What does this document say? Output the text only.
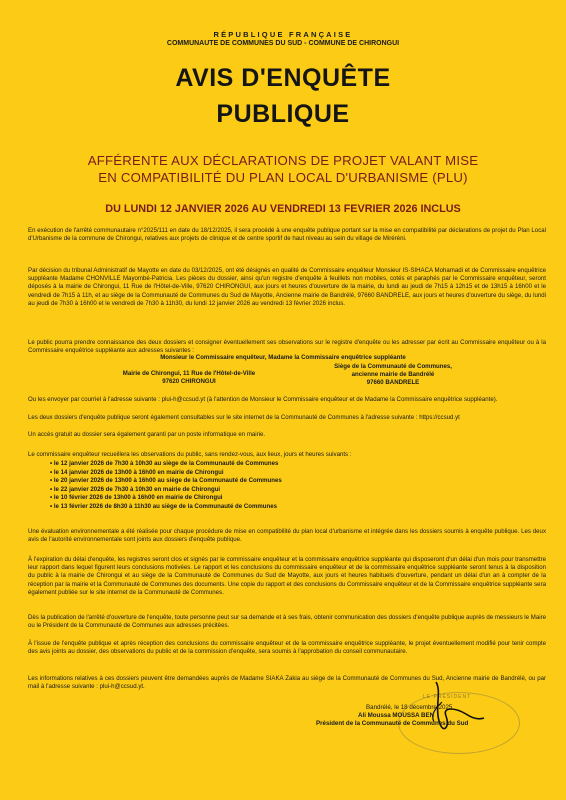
RÉPUBLIQUE FRANÇAISE
COMMUNAUTE DE COMMUNES DU SUD - COMMUNE DE CHIRONGUI
AVIS D'ENQUÊTE
PUBLIQUE
AFFÉRENTE AUX DÉCLARATIONS DE PROJET VALANT MISE
EN COMPATIBILITÉ DU PLAN LOCAL D'URBANISME (PLU)
DU LUNDI 12 JANVIER 2026 AU VENDREDI 13 FEVRIER 2026 INCLUS
En exécution de l'arrêté communautaire n°2025/111 en date du 18/12/2025, il sera procédé à une enquête publique portant sur la mise en compatibilité par déclarations de projet du Plan Local d'Urbanisme de la commune de Chirongui, relatives aux projets de clinique et de centre sportif de haut niveau au sein du village de Miréréni.
Par décision du tribunal Administratif de Mayotte en date du 03/12/2025, ont été désignés en qualité de Commissaire enquêteur Monsieur IS-SIHACA Mohamadi et de Commissaire enquêtrice suppléante Madame CHONVILLE Mayombé-Patricia. Les pièces du dossier, ainsi qu'un registre d'enquête à feuillets non mobiles, cotés et paraphés par le Commissaire enquêteur, seront déposés à la mairie de Chirongui, 11 Rue de l'Hôtel-de-Ville, 97620 CHIRONGUI, aux jours et heures d'ouverture de la mairie, du lundi au jeudi de 7h15 à 12h15 et de 13h15 à 16h00 et le vendredi de 7h15 à 11h, et au siège de la Communauté de Communes du Sud de Mayotte, Ancienne mairie de Bandrélé, 97660 BANDRELE, aux jours et heures d'ouverture du siège, du lundi au jeudi de 7h30 à 16h00 et le vendredi de 7h30 à 11h30, du lundi 12 janvier 2026 au vendredi 13 février 2026 inclus.
Le public pourra prendre connaissance des deux dossiers et consigner éventuellement ses observations sur le registre d'enquête ou les adresser par écrit au Commissaire enquêteur ou à la Commissaire enquêtrice suppléante aux adresses suivantes :
Monsieur le Commissaire enquêteur, Madame la Commissaire enquêtrice suppléante
Mairie de Chirongui, 11 Rue de l'Hôtel-de-Ville
97620 CHIRONGUI
Siège de la Communauté de Communes,
ancienne mairie de Bandrélé
97660 BANDRELE
Ou les envoyer par courriel à l'adresse suivante : plui-h@ccsud.yt (à l'attention de Monsieur le Commissaire enquêteur et de Madame la Commissaire enquêtrice suppléante).
Les deux dossiers d'enquête publique seront également consultables sur le site internet de la Communauté de Communes à l'adresse suivante : https://ccsud.yt
Un accès gratuit au dossier sera également garanti par un poste informatique en mairie.
Le commissaire enquêteur recueillera les observations du public, sans rendez-vous, aux lieux, jours et heures suivants :
• le 12 janvier 2026 de 7h30 à 10h30 au siège de la Communauté de Communes
• le 14 janvier 2026 de 13h00 à 16h00 en mairie de Chirongui
• le 20 janvier 2026 de 13h00 à 16h00 au siège de la Communauté de Communes
• le 22 janvier 2026 de 7h30 à 10h30 en mairie de Chirongui
• le 10 février 2026 de 13h00 à 16h00 en mairie de Chirongui
• le 13 février 2026 de 8h30 à 11h30 au siège de la Communauté de Communes
Une évaluation environnementale a été réalisée pour chaque procédure de mise en compatibilité du plan local d'urbanisme et intégrée dans les dossiers soumis à enquête publique. Les deux avis de l'autorité environnementale sont joints aux dossiers d'enquête publique.
À l'expiration du délai d'enquête, les registres seront clos et signés par le commissaire enquêteur et la commissaire enquêtrice suppléante qui disposeront d'un délai d'un mois pour transmettre leur rapport dans lequel figurent leurs conclusions motivées. Le rapport et les conclusions du commissaire enquêteur et de la commissaire enquêtrice suppléante seront tenus à la disposition du public à la mairie de Chirongui et au siège de la Communauté de Communes du Sud de Mayotte, aux jours et heures habituels d'ouverture, pendant un délai d'un an à compter de la réception par la mairie et la Communauté de Communes des documents. Une copie du rapport et des conclusions du Commissaire enquêteur et de la Commissaire enquêtrice suppléante sera également publiée sur le site internet de la Communauté de Communes.
Dès la publication de l'arrêté d'ouverture de l'enquête, toute personne peut sur sa demande et à ses frais, obtenir communication des dossiers d'enquête publique auprès de messieurs le Maire ou le Président de la Communauté de Communes aux adresses précitées.
À l'issue de l'enquête publique et après réception des conclusions du commissaire enquêteur et de la commissaire enquêtrice suppléante, le projet éventuellement modifié pour tenir compte des avis joints au dossier, des observations du public et de la commission d'enquête, sera soumis à l'approbation du conseil communautaire.
Les informations relatives à ces dossiers peuvent être demandées auprès de Madame SIAKA Zakia au siège de la Communauté de Communes du Sud, Ancienne mairie de Bandrélé, ou par mail à l'adresse suivante : plui-h@ccsud.yt.
LE PRÉSIDENT
Bandrélé, le 18 décembre 2025
Ali Moussa MOUSSA BEN
Président de la Communauté de Communes du Sud
